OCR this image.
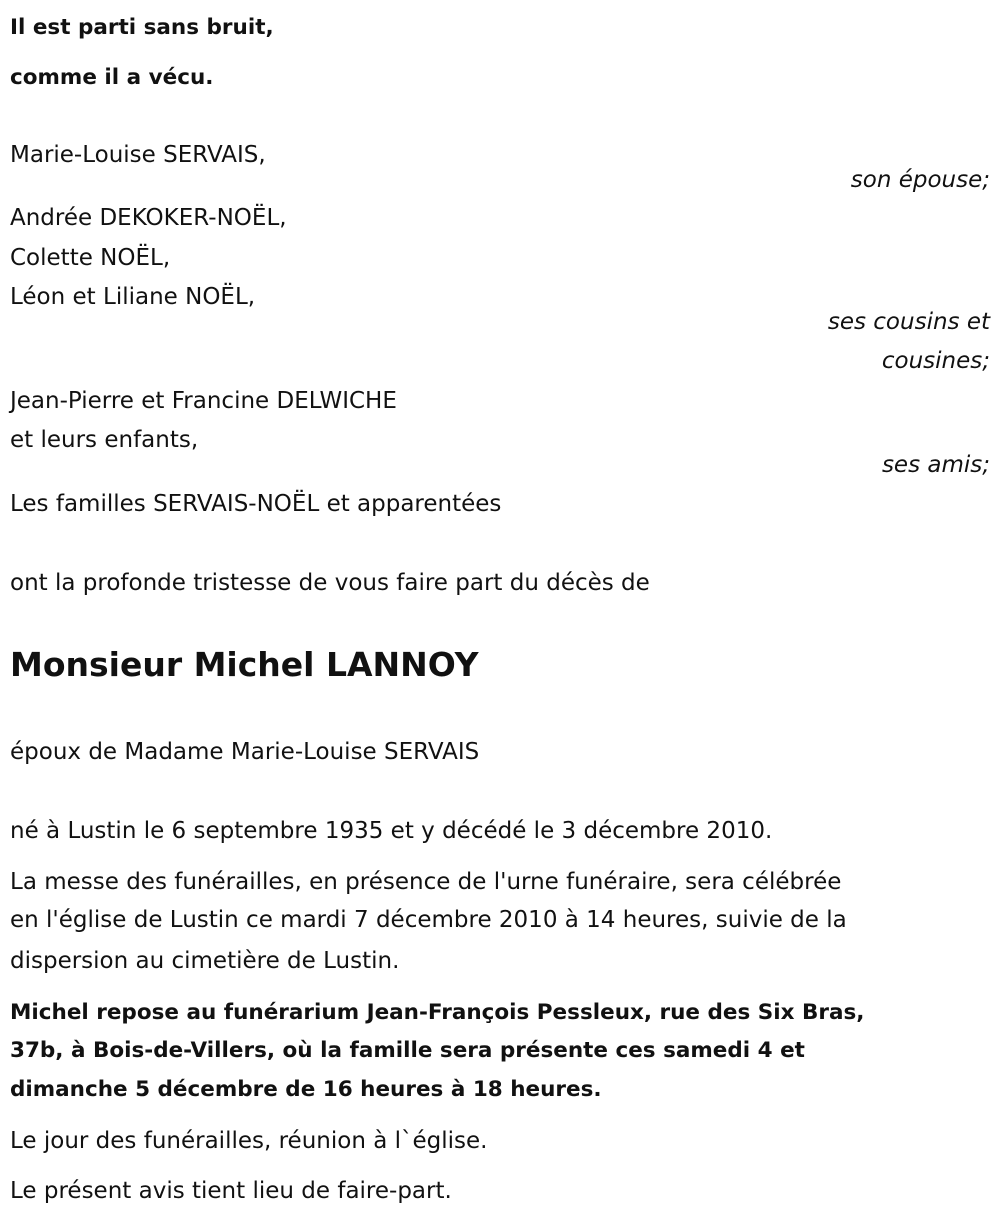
Il est parti sans bruit,
comme il a vécu.
Marie-Louise SERVAIS,
son épouse;
Andrée DEKOKER-NOËL,
Colette NOËL,
Léon et Liliane NOËL,
ses cousins et
cousines;
Jean-Pierre et Francine DELWICHE
et leurs enfants,
ses amis;
Les familles SERVAIS-NOËL et apparentées
ont la profonde tristesse de vous faire part du décès de
Monsieur Michel LANNOY
époux de Madame Marie-Louise SERVAIS
né à Lustin le 6 septembre 1935 et y décédé le 3 décembre 2010.
La messe des funérailles, en présence de l'urne funéraire, sera célébrée
en l'église de Lustin ce mardi 7 décembre 2010 à 14 heures, suivie de la
dispersion au cimetière de Lustin.
Michel repose au funérarium Jean-François Pessleux, rue des Six Bras,
37b, à Bois-de-Villers, où la famille sera présente ces samedi 4 et
dimanche 5 décembre de 16 heures à 18 heures.
Le jour des funérailles, réunion à l`église.
Le présent avis tient lieu de faire-part.
